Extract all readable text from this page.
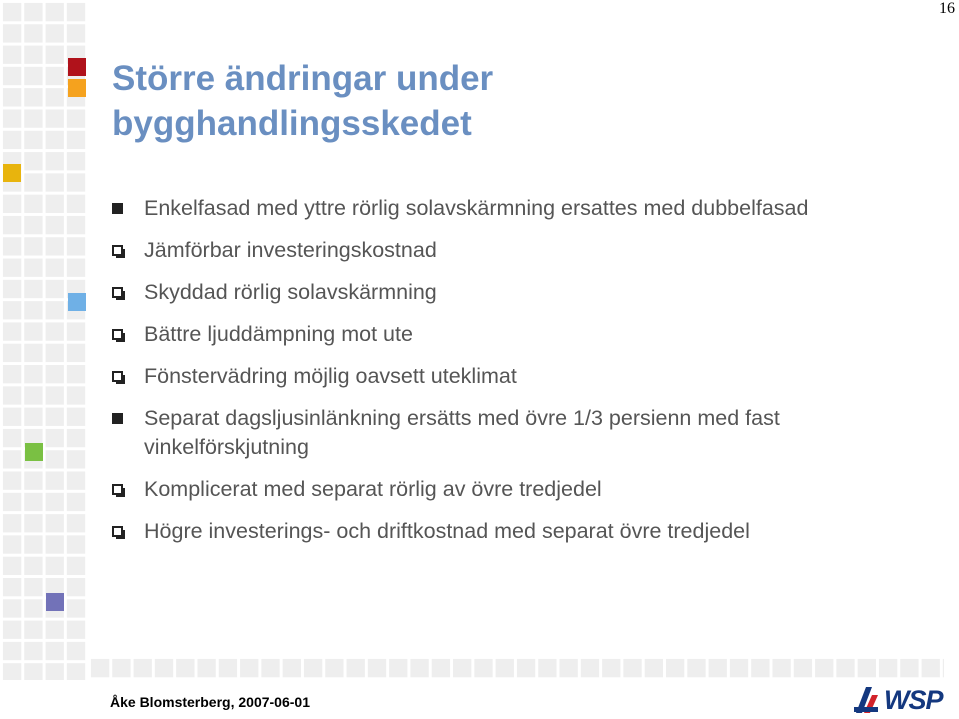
16
Större ändringar under bygghandlingsskedet
Enkelfasad med yttre rörlig solavskärmning ersattes med dubbelfasad
Jämförbar investeringskostnad
Skyddad rörlig solavskärmning
Bättre ljuddämpning mot ute
Fönstervädring möjlig oavsett uteklimat
Separat dagsljusinlänkning ersätts med övre 1/3 persienn med fast vinkelförskjutning
Komplicerat med separat rörlig av övre tredjedel
Högre investerings- och driftkostnad med separat övre tredjedel
Åke Blomsterberg, 2007-06-01	WSP
